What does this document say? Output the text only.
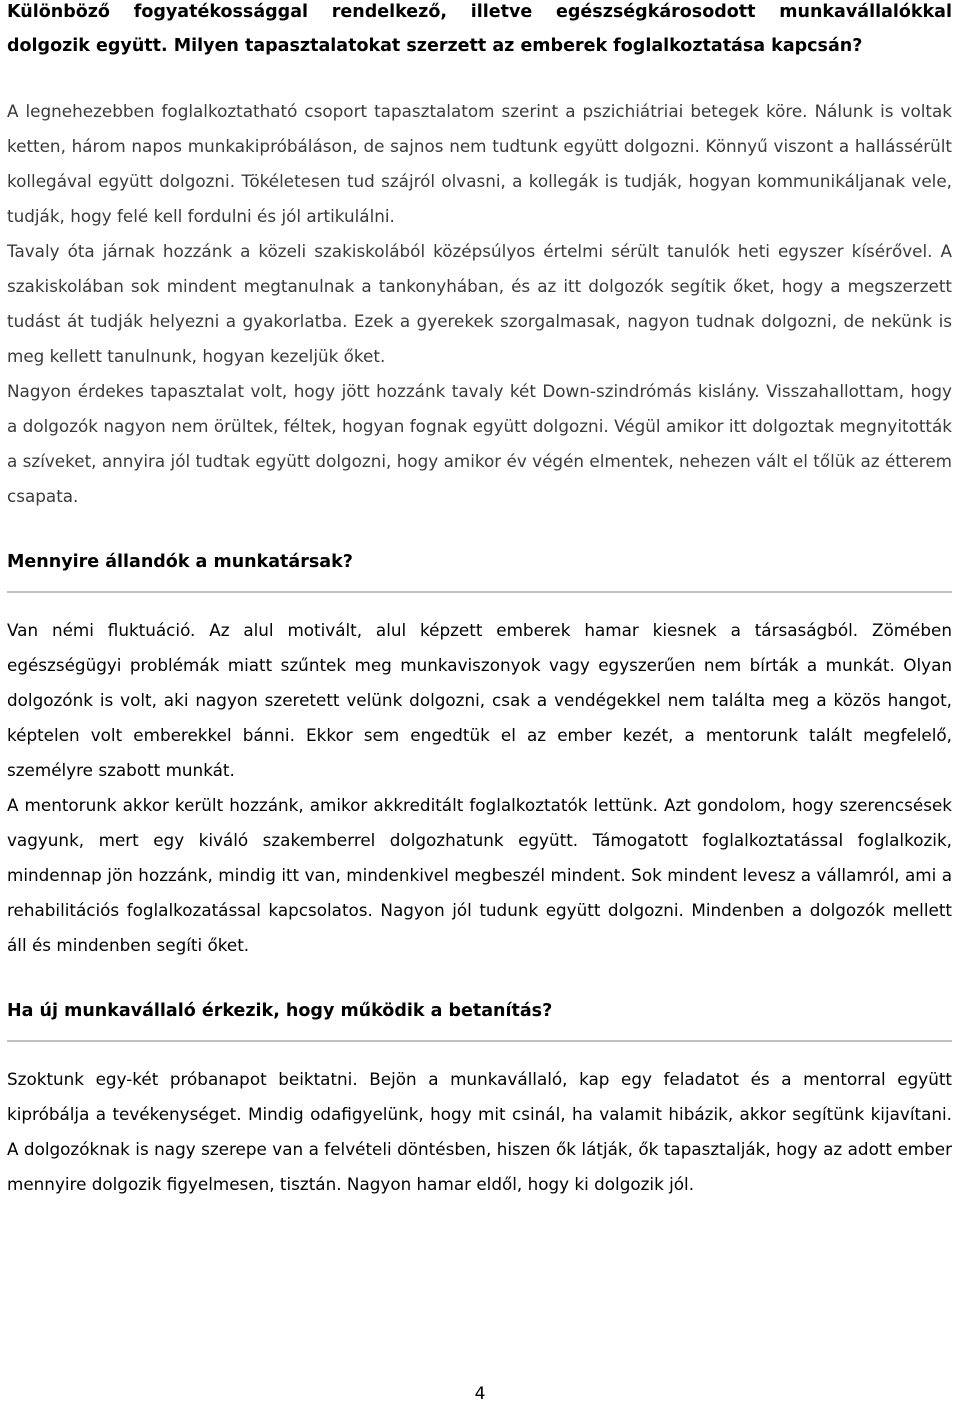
Különböző fogyatékossággal rendelkező, illetve egészségkárosodott munkavállalókkal dolgozik együtt. Milyen tapasztalatokat szerzett az emberek foglalkoztatása kapcsán?

A legnehezebben foglalkoztatható csoport tapasztalatom szerint a pszichiátriai betegek köre. Nálunk is voltak ketten, három napos munkakipróbáláson, de sajnos nem tudtunk együtt dolgozni. Könnyű viszont a hallássérült kollegával együtt dolgozni. Tökéletesen tud szájról olvasni, a kollegák is tudják, hogyan kommunikáljanak vele, tudják, hogy felé kell fordulni és jól artikulálni.

Tavaly óta járnak hozzánk a közeli szakiskolából középsúlyos értelmi sérült tanulók heti egyszer kísérővel. A szakiskolában sok mindent megtanulnak a tankonyhában, és az itt dolgozók segítik őket, hogy a megszerzett tudást át tudják helyezni a gyakorlatba. Ezek a gyerekek szorgalmasak, nagyon tudnak dolgozni, de nekünk is meg kellett tanulnunk, hogyan kezeljük őket.

Nagyon érdekes tapasztalat volt, hogy jött hozzánk tavaly két Down-szindrómás kislány. Visszahallottam, hogy a dolgozók nagyon nem örültek, féltek, hogyan fognak együtt dolgozni. Végül amikor itt dolgoztak megnyitották a szíveket, annyira jól tudtak együtt dolgozni, hogy amikor év végén elmentek, nehezen vált el tőlük az étterem csapata.

Mennyire állandók a munkatársak?

Van némi fluktuáció. Az alul motivált, alul képzett emberek hamar kiesnek a társaságból. Zömében egészségügyi problémák miatt szűntek meg munkaviszonyok vagy egyszerűen nem bírták a munkát. Olyan dolgozónk is volt, aki nagyon szeretett velünk dolgozni, csak a vendégekkel nem találta meg a közös hangot, képtelen volt emberekkel bánni. Ekkor sem engedtük el az ember kezét, a mentorunk talált megfelelő, személyre szabott munkát.

A mentorunk akkor került hozzánk, amikor akkreditált foglalkoztatók lettünk. Azt gondolom, hogy szerencsések vagyunk, mert egy kiváló szakemberrel dolgozhatunk együtt. Támogatott foglalkoztatással foglalkozik, mindennap jön hozzánk, mindig itt van, mindenkivel megbeszél mindent. Sok mindent levesz a vállamról, ami a rehabilitációs foglalkozatással kapcsolatos. Nagyon jól tudunk együtt dolgozni. Mindenben a dolgozók mellett áll és mindenben segíti őket.

Ha új munkavállaló érkezik, hogy működik a betanítás?

Szoktunk egy-két próbanapot beiktatni. Bejön a munkavállaló, kap egy feladatot és a mentorral együtt kipróbálja a tevékenységet. Mindig odafigyelünk, hogy mit csinál, ha valamit hibázik, akkor segítünk kijavítani. A dolgozóknak is nagy szerepe van a felvételi döntésben, hiszen ők látják, ők tapasztalják, hogy az adott ember mennyire dolgozik figyelmesen, tisztán. Nagyon hamar eldől, hogy ki dolgozik jól.

4
